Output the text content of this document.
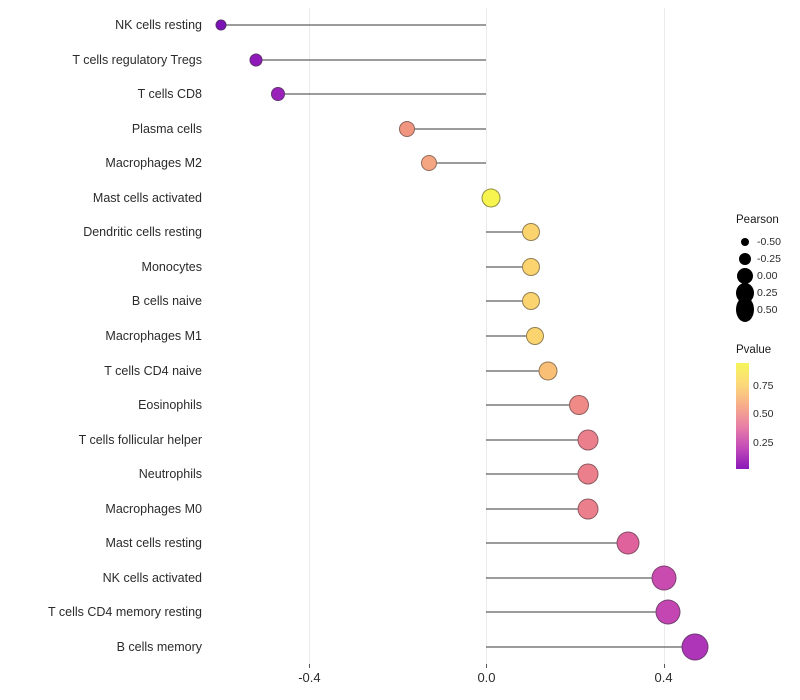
NK cells resting
T cells regulatory Tregs
T cells CD8
Plasma cells
Macrophages M2
Mast cells activated
Dendritic cells resting
Monocytes
B cells naive
Macrophages M1
T cells CD4 naive
Eosinophils
T cells follicular helper
Neutrophils
Macrophages M0
Mast cells resting
NK cells activated
T cells CD4 memory resting
B cells memory
-0.4	0.0	0.4
Pearson
-0.50
-0.25
0.00
0.25
0.50
Pvalue
0.75
0.50
0.25
